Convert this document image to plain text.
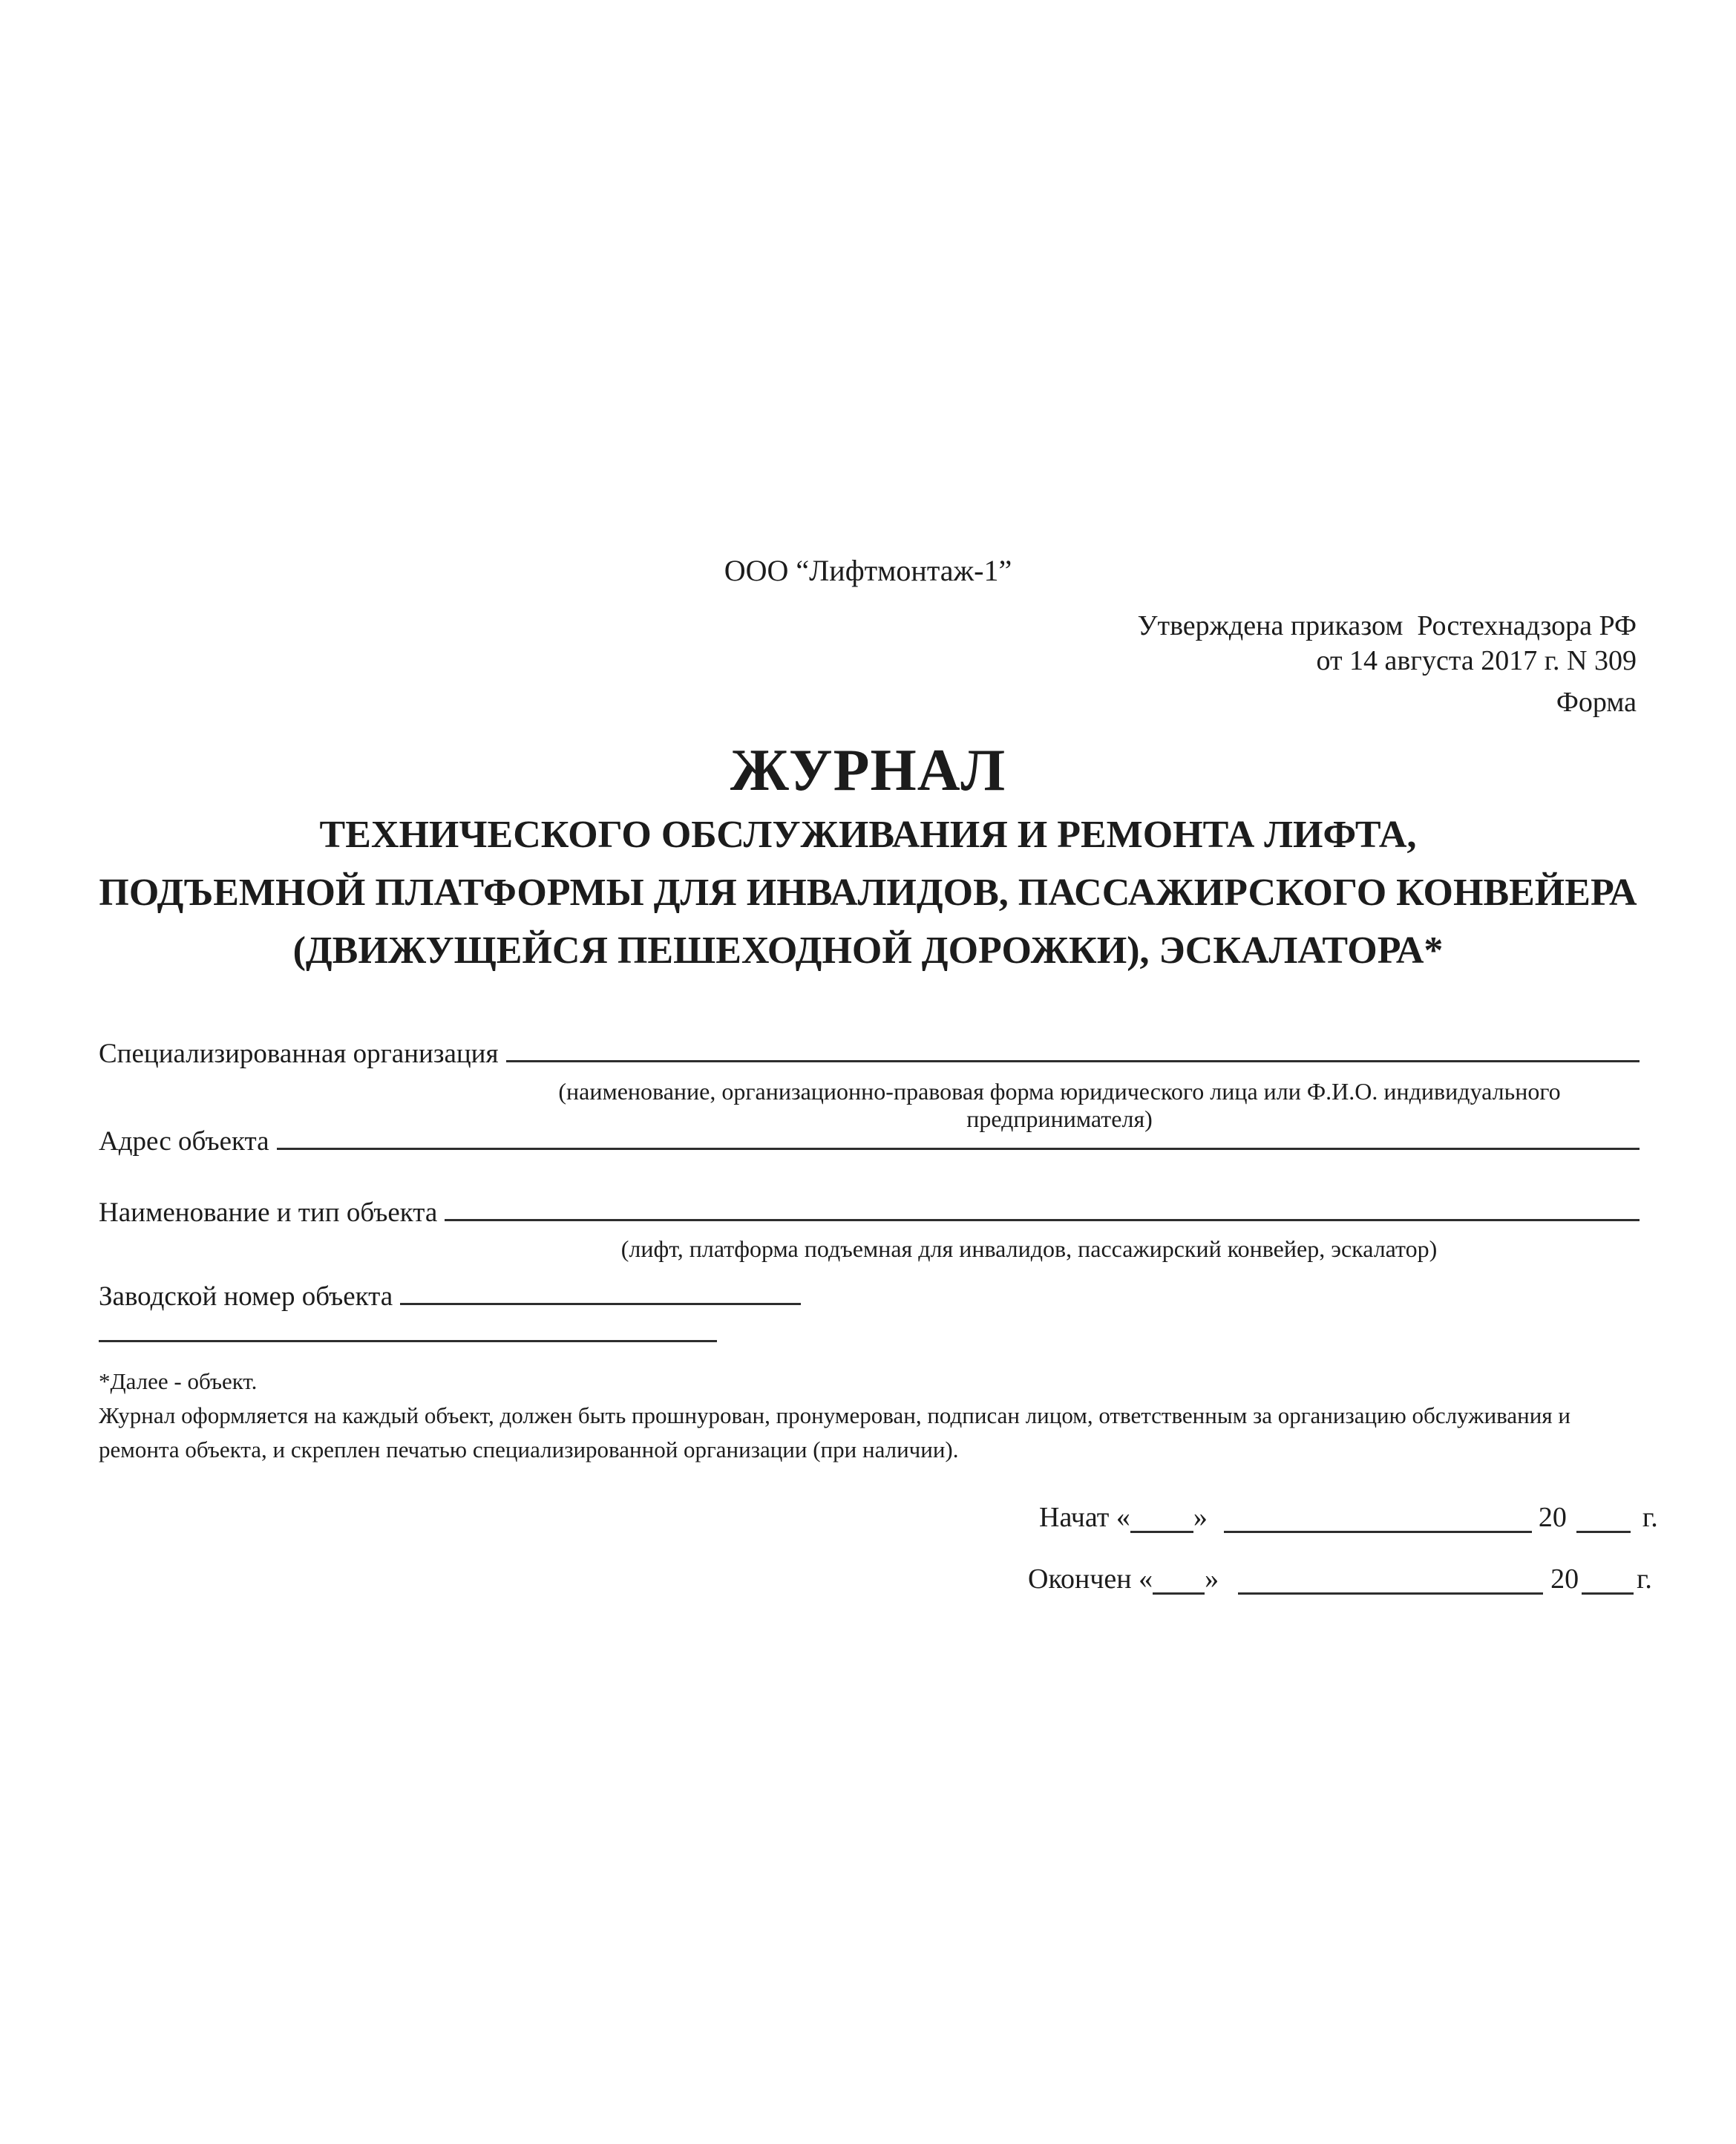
ООО “Лифтмонтаж-1”
Утверждена приказом  Ростехнадзора РФ
от 14 августа 2017 г. N 309
Форма
ЖУРНАЛ
ТЕХНИЧЕСКОГО ОБСЛУЖИВАНИЯ И РЕМОНТА ЛИФТА,
ПОДЪЕМНОЙ ПЛАТФОРМЫ ДЛЯ ИНВАЛИДОВ, ПАССАЖИРСКОГО КОНВЕЙЕРА
(ДВИЖУЩЕЙСЯ ПЕШЕХОДНОЙ ДОРОЖКИ), ЭСКАЛАТОРА*
Специализированная организация
(наименование, организационно-правовая форма юридического лица или Ф.И.О. индивидуального предпринимателя)
Адрес объекта
Наименование и тип объекта
(лифт, платформа подъемная для инвалидов, пассажирский конвейер, эскалатор)
Заводской номер объекта
*Далее - объект.
Журнал оформляется на каждый объект, должен быть прошнурован, пронумерован, подписан лицом, ответственным за организацию обслуживания и ремонта объекта, и скреплен печатью специализированной организации (при наличии).
Начат « »	20	г.
Окончен « »	20 г.
